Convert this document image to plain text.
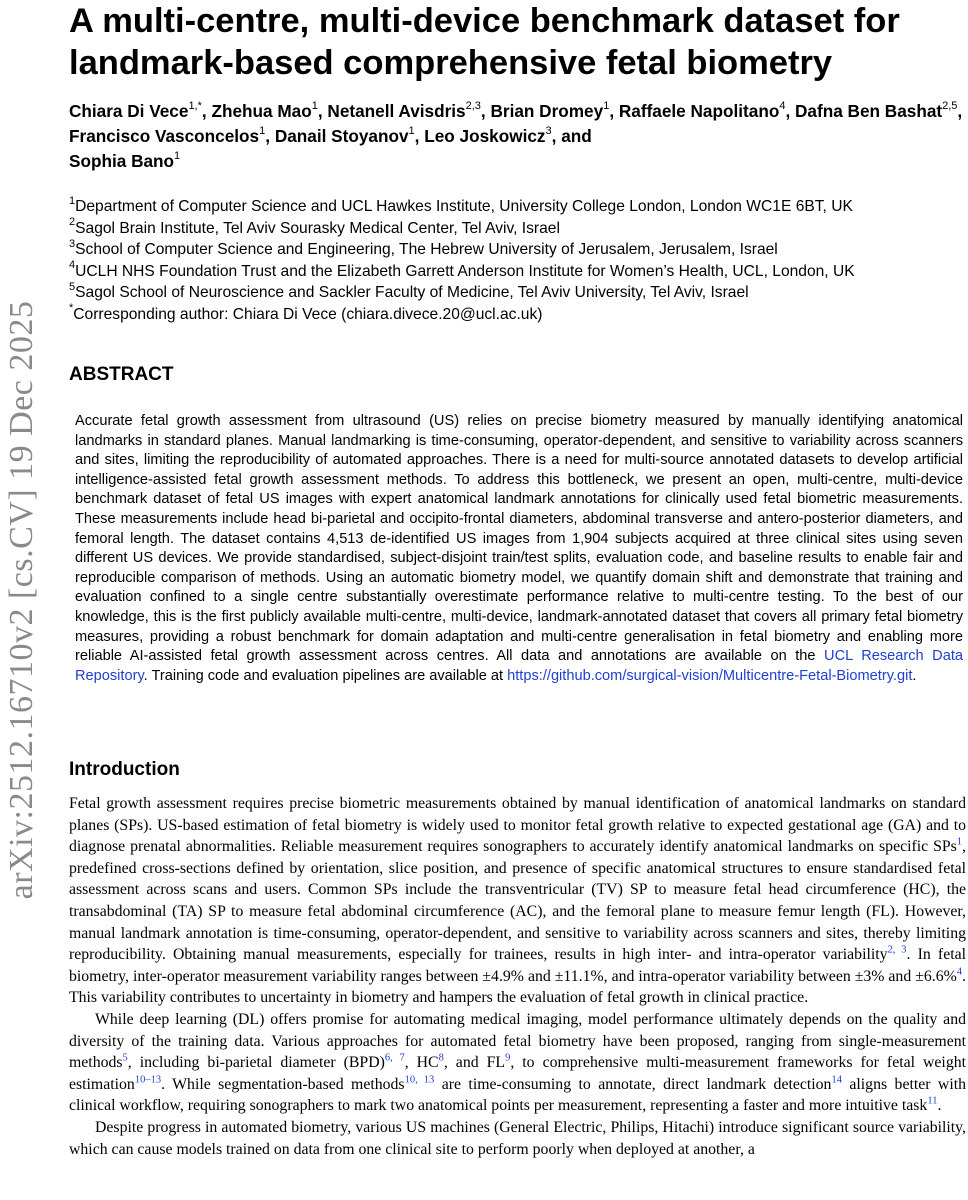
arXiv:2512.16710v2 [cs.CV] 19 Dec 2025
A multi-centre, multi-device benchmark dataset for landmark-based comprehensive fetal biometry
Chiara Di Vece$^{1,*}$, Zhehua Mao$^1$, Netanell Avisdris$^{2,3}$, Brian Dromey$^1$, Raffaele Napolitano$^4$, Dafna Ben Bashat$^{2,5}$, Francisco Vasconcelos$^1$, Danail Stoyanov$^1$, Leo Joskowicz$^3$, and
Sophia Bano$^1$
$^1$Department of Computer Science and UCL Hawkes Institute, University College London, London WC1E 6BT, UK
$^2$Sagol Brain Institute, Tel Aviv Sourasky Medical Center, Tel Aviv, Israel
$^3$School of Computer Science and Engineering, The Hebrew University of Jerusalem, Jerusalem, Israel
$^4$UCLH NHS Foundation Trust and the Elizabeth Garrett Anderson Institute for Women’s Health, UCL, London, UK
$^5$Sagol School of Neuroscience and Sackler Faculty of Medicine, Tel Aviv University, Tel Aviv, Israel
*Corresponding author: Chiara Di Vece (chiara.divece.20@ucl.ac.uk)
ABSTRACT
Accurate fetal growth assessment from ultrasound (US) relies on precise biometry measured by manually identifying anatomical landmarks in standard planes. Manual landmarking is time-consuming, operator-dependent, and sensitive to variability across scanners and sites, limiting the reproducibility of automated approaches. There is a need for multi-source annotated datasets to develop artificial intelligence-assisted fetal growth assessment methods. To address this bottleneck, we present an open, multi-centre, multi-device benchmark dataset of fetal US images with expert anatomical landmark annotations for clinically used fetal biometric measurements. These measurements include head bi-parietal and occipito-frontal diameters, abdominal transverse and antero-posterior diameters, and femoral length. The dataset contains 4,513 de-identified US images from 1,904 subjects acquired at three clinical sites using seven different US devices. We provide standardised, subject-disjoint train/test splits, evaluation code, and baseline results to enable fair and reproducible comparison of methods. Using an automatic biometry model, we quantify domain shift and demonstrate that training and evaluation confined to a single centre substantially overestimate performance relative to multi-centre testing. To the best of our knowledge, this is the first publicly available multi-centre, multi-device, landmark-annotated dataset that covers all primary fetal biometry measures, providing a robust benchmark for domain adaptation and multi-centre generalisation in fetal biometry and enabling more reliable AI-assisted fetal growth assessment across centres. All data and annotations are available on the UCL Research Data Repository. Training code and evaluation pipelines are available at https://github.com/surgical-vision/Multicentre-Fetal-Biometry.git.
Introduction

Fetal growth assessment requires precise biometric measurements obtained by manual identification of anatomical landmarks on standard planes (SPs). US-based estimation of fetal biometry is widely used to monitor fetal growth relative to expected gestational age (GA) and to diagnose prenatal abnormalities. Reliable measurement requires sonographers to accurately identify anatomical landmarks on specific SPs$^1$, predefined cross-sections defined by orientation, slice position, and presence of specific anatomical structures to ensure standardised fetal assessment across scans and users. Common SPs include the transventricular (TV) SP to measure fetal head circumference (HC), the transabdominal (TA) SP to measure fetal abdominal circumference (AC), and the femoral plane to measure femur length (FL). However, manual landmark annotation is time-consuming, operator-dependent, and sensitive to variability across scanners and sites, thereby limiting reproducibility. Obtaining manual measurements, especially for trainees, results in high inter- and intra-operator variability$^{2, 3}$. In fetal biometry, inter-operator measurement variability ranges between ±4.9% and ±11.1%, and intra-operator variability between ±3% and ±6.6%$^4$. This variability contributes to uncertainty in biometry and hampers the evaluation of fetal growth in clinical practice.

While deep learning (DL) offers promise for automating medical imaging, model performance ultimately depends on the quality and diversity of the training data. Various approaches for automated fetal biometry have been proposed, ranging from single-measurement methods$^5$, including bi-parietal diameter (BPD)$^{6, 7}$, $HC^8$, and $FL^9$, to comprehensive multi-measurement frameworks for fetal weight estimation$^{10-13}$. While segmentation-based methods$^{10, 13}$ are time-consuming to annotate, direct landmark detection$^{14}$ aligns better with clinical workflow, requiring sonographers to mark two anatomical points per measurement, representing a faster and more intuitive task$^{11}$.

Despite progress in automated biometry, various US machines (General Electric, Philips, Hitachi) introduce significant source variability, which can cause models trained on data from one clinical site to perform poorly when deployed at another, a
